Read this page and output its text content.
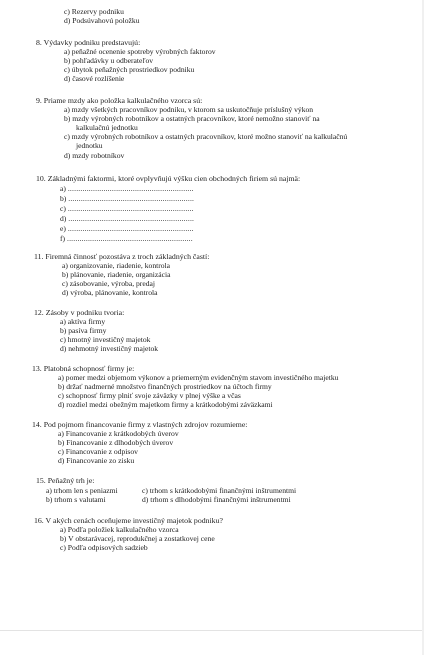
c) Rezervy podniku
d) Podsúvahovú položku
8. Výdavky podniku predstavujú:
a) peňažné ocenenie spotreby výrobných faktorov
b) pohľadávky u odberateľov
c) úbytok peňažných prostriedkov podniku
d) časové rozlíšenie
9. Priame mzdy ako položka kalkulačného vzorca sú:
a) mzdy všetkých pracovníkov podniku, v ktorom sa uskutočňuje príslušný výkon
b) mzdy výrobných robotníkov a ostatných pracovníkov, ktoré nemožno stanoviť na
kalkulačnú jednotku
c) mzdy výrobných robotníkov a ostatných pracovníkov, ktoré možno stanoviť na kalkulačnú
jednotku
d) mzdy robotníkov
10. Základnými faktormi, ktoré ovplyvňujú výšku cien obchodných firiem sú najmä:
a) ............................................................
b) ............................................................
c) ............................................................
d) ............................................................
e) ............................................................
f) ............................................................
11. Firemná činnosť pozostáva z troch základných častí:
a) organizovanie, riadenie, kontrola
b) plánovanie, riadenie, organizácia
c) zásobovanie, výroba, predaj
d) výroba, plánovanie, kontrola
12. Zásoby v podniku tvoria:
a) aktíva firmy
b) pasíva firmy
c) hmotný investičný majetok
d) nehmotný investičný majetok
13. Platobná schopnosť firmy je:
a) pomer medzi objemom výkonov a priemerným evidenčným stavom investičného majetku
b) držať nadmerné množstvo finančných prostriedkov na účtoch firmy
c) schopnosť firmy plniť svoje záväzky v plnej výške a včas
d) rozdiel medzi obežným majetkom firmy a krátkodobými záväzkami
14. Pod pojmom financovanie firmy z vlastných zdrojov rozumieme:
a) Financovanie z krátkodobých úverov
b) Financovanie z dlhodobých úverov
c) Financovanie z odpisov
d) Financovanie zo zisku
15. Peňažný trh je:
a) trhom len s peniazmi	c) trhom s krátkodobými finančnými inštrumentmi
b) trhom s valutami	d) trhom s dlhodobými finančnými inštrumentmi
16. V akých cenách oceňujeme investičný majetok podniku?
a) Podľa položiek kalkulačného vzorca
b) V obstarávacej, reprodukčnej a zostatkovej cene
c) Podľa odpisových sadzieb
